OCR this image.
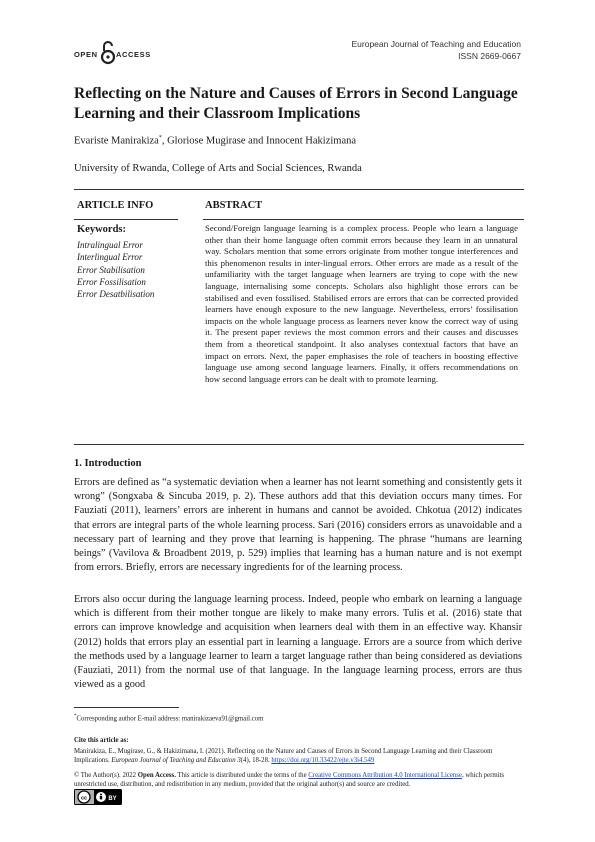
OPEN ACCESS
European Journal of Teaching and Education
ISSN 2669-0667
Reflecting on the Nature and Causes of Errors in Second Language Learning and their Classroom Implications
Evariste Manirakiza*, Gloriose Mugirase and Innocent Hakizimana
University of Rwanda, College of Arts and Social Sciences, Rwanda
ARTICLE INFO	ABSTRACT
Keywords:
Intralingual Error
Interlingual Error
Error Stabilisation
Error Fossilisation
Error Desatbilisation
Second/Foreign language learning is a complex process. People who learn a language other than their home language often commit errors because they learn in an unnatural way. Scholars mention that some errors originate from mother tongue interferences and this phenomenon results in inter-lingual errors. Other errors are made as a result of the unfamiliarity with the target language when learners are trying to cope with the new language, internalising some concepts. Scholars also highlight those errors can be stabilised and even fossilised. Stabilised errors are errors that can be corrected provided learners have enough exposure to the new language. Nevertheless, errors’ fossilisation impacts on the whole language process as learners never know the correct way of using it. The present paper reviews the most common errors and their causes and discusses them from a theoretical standpoint. It also analyses contextual factors that have an impact on errors. Next, the paper emphasises the role of teachers in boosting effective language use among second language learners. Finally, it offers recommendations on how second language errors can be dealt with to promote learning.
1. Introduction
Errors are defined as “a systematic deviation when a learner has not learnt something and consistently gets it wrong” (Songxaba & Sincuba 2019, p. 2). These authors add that this deviation occurs many times. For Fauziati (2011), learners’ errors are inherent in humans and cannot be avoided. Chkotua (2012) indicates that errors are integral parts of the whole learning process. Sari (2016) considers errors as unavoidable and a necessary part of learning and they prove that learning is happening. The phrase “humans are learning beings” (Vavilova & Broadbent 2019, p. 529) implies that learning has a human nature and is not exempt from errors. Briefly, errors are necessary ingredients for of the learning process.
Errors also occur during the language learning process. Indeed, people who embark on learning a language which is different from their mother tongue are likely to make many errors. Tulis et al. (2016) state that errors can improve knowledge and acquisition when learners deal with them in an effective way. Khansir (2012) holds that errors play an essential part in learning a language. Errors are a source from which derive the methods used by a language learner to learn a target language rather than being considered as deviations (Fauziati, 2011) from the normal use of that language. In the language learning process, errors are thus viewed as a good
*Corresponding author E-mail address: manirakizaeva91@gmail.com
Cite this article as:
Manirakiza, E., Mugirase, G., & Hakizimana, I. (2021). Reflecting on the Nature and Causes of Errors in Second Language Learning and their Classroom Implications. European Journal of Teaching and Education 3(4), 18-28. https://doi.org/10.33422/ejte.v3i4.549
© The Author(s). 2022 Open Access. This article is distributed under the terms of the Creative Commons Attribution 4.0 International License, which permits unrestricted use, distribution, and redistribution in any medium, provided that the original author(s) and source are credited.
cc	BY
